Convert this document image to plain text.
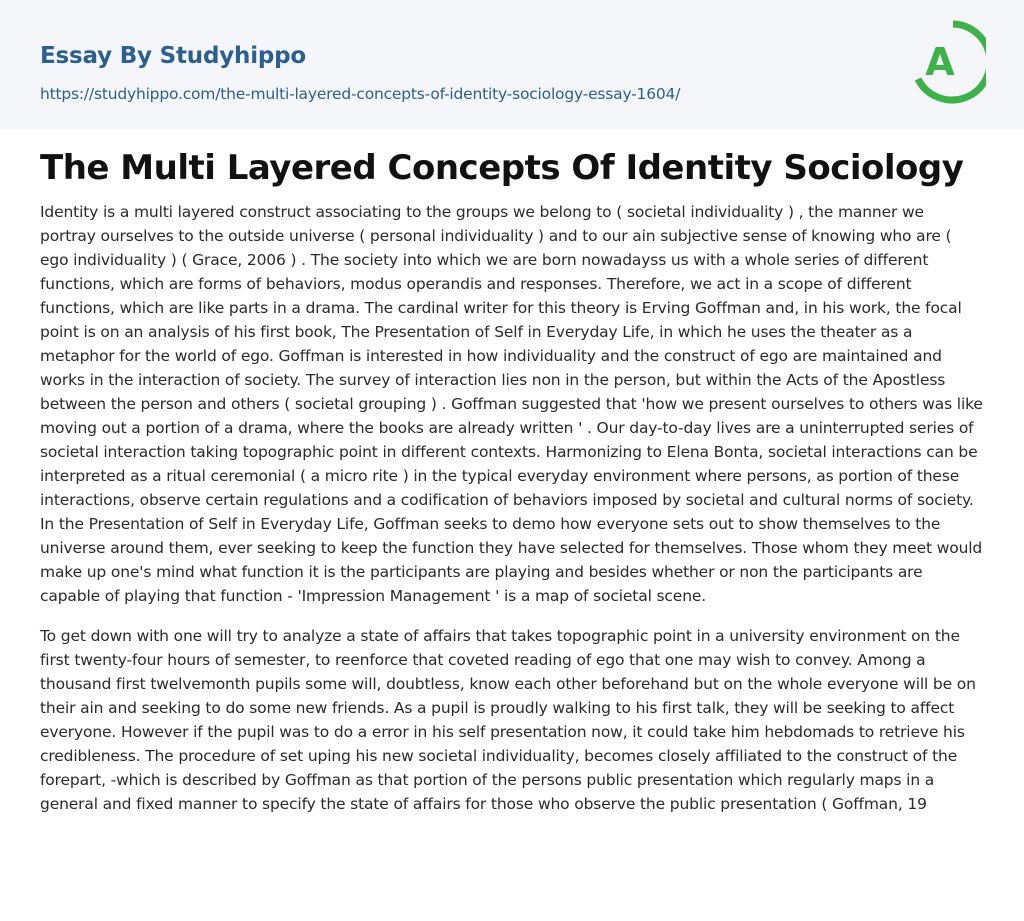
Essay By Studyhippo
https://studyhippo.com/the-multi-layered-concepts-of-identity-sociology-essay-1604/
A
The Multi Layered Concepts Of Identity Sociology

Identity is a multi layered construct associating to the groups we belong to ( societal individuality ) , the manner we portray ourselves to the outside universe ( personal individuality ) and to our ain subjective sense of knowing who are ( ego individuality ) ( Grace, 2006 ) . The society into which we are born nowadayss us with a whole series of different functions, which are forms of behaviors, modus operandis and responses. Therefore, we act in a scope of different functions, which are like parts in a drama. The cardinal writer for this theory is Erving Goffman and, in his work, the focal point is on an analysis of his first book, The Presentation of Self in Everyday Life, in which he uses the theater as a metaphor for the world of ego. Goffman is interested in how individuality and the construct of ego are maintained and works in the interaction of society. The survey of interaction lies non in the person, but within the Acts of the Apostless between the person and others ( societal grouping ) . Goffman suggested that 'how we present ourselves to others was like moving out a portion of a drama, where the books are already written ' . Our day-to-day lives are a uninterrupted series of societal interaction taking topographic point in different contexts. Harmonizing to Elena Bonta, societal interactions can be interpreted as a ritual ceremonial ( a micro rite ) in the typical everyday environment where persons, as portion of these interactions, observe certain regulations and a codification of behaviors imposed by societal and cultural norms of society. In the Presentation of Self in Everyday Life, Goffman seeks to demo how everyone sets out to show themselves to the universe around them, ever seeking to keep the function they have selected for themselves. Those whom they meet would make up one's mind what function it is the participants are playing and besides whether or non the participants are capable of playing that function - 'Impression Management ' is a map of societal scene.

To get down with one will try to analyze a state of affairs that takes topographic point in a university environment on the first twenty-four hours of semester, to reenforce that coveted reading of ego that one may wish to convey. Among a thousand first twelvemonth pupils some will, doubtless, know each other beforehand but on the whole everyone will be on their ain and seeking to do some new friends. As a pupil is proudly walking to his first talk, they will be seeking to affect everyone. However if the pupil was to do a error in his self presentation now, it could take him hebdomads to retrieve his credibleness. The procedure of set uping his new societal individuality, becomes closely affiliated to the construct of the forepart, -which is described by Goffman as that portion of the persons public presentation which regularly maps in a general and fixed manner to specify the state of affairs for those who observe the public presentation ( Goffman, 19
